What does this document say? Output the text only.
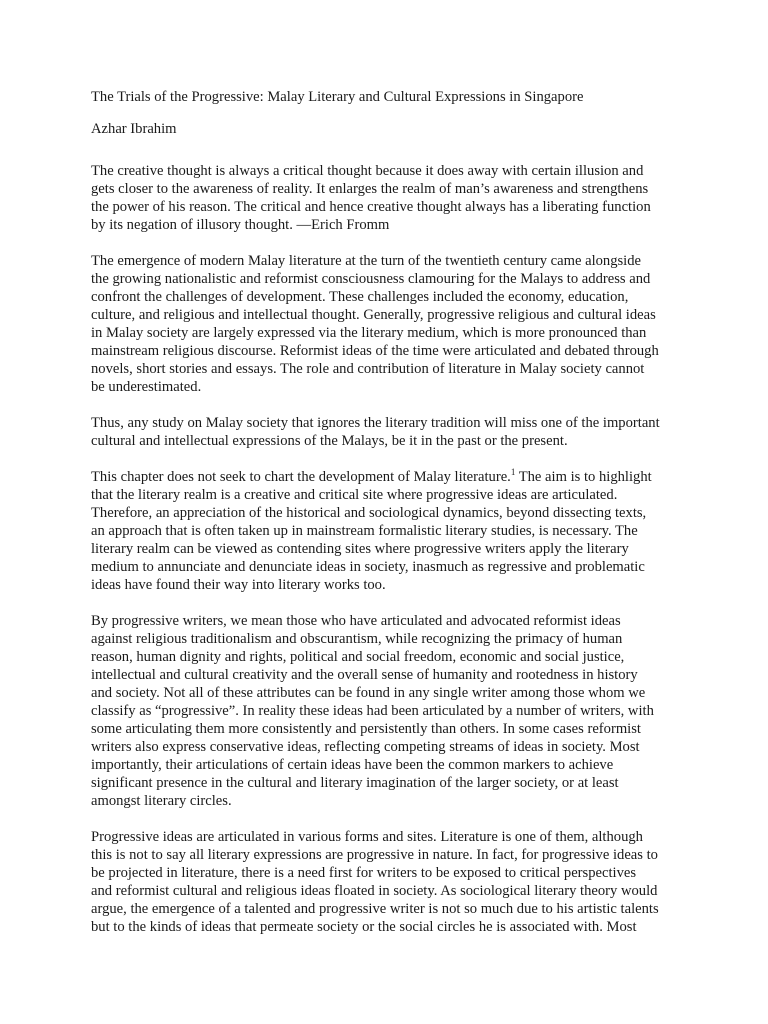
The Trials of the Progressive: Malay Literary and Cultural Expressions in Singapore
Azhar Ibrahim
The creative thought is always a critical thought because it does away with certain illusion and
gets closer to the awareness of reality. It enlarges the realm of man’s awareness and strengthens
the power of his reason. The critical and hence creative thought always has a liberating function
by its negation of illusory thought. —Erich Fromm
The emergence of modern Malay literature at the turn of the twentieth century came alongside
the growing nationalistic and reformist consciousness clamouring for the Malays to address and
confront the challenges of development. These challenges included the economy, education,
culture, and religious and intellectual thought. Generally, progressive religious and cultural ideas
in Malay society are largely expressed via the literary medium, which is more pronounced than
mainstream religious discourse. Reformist ideas of the time were articulated and debated through
novels, short stories and essays. The role and contribution of literature in Malay society cannot
be underestimated.
Thus, any study on Malay society that ignores the literary tradition will miss one of the important
cultural and intellectual expressions of the Malays, be it in the past or the present.
This chapter does not seek to chart the development of Malay literature.$^1$ The aim is to highlight
that the literary realm is a creative and critical site where progressive ideas are articulated.
Therefore, an appreciation of the historical and sociological dynamics, beyond dissecting texts,
an approach that is often taken up in mainstream formalistic literary studies, is necessary. The
literary realm can be viewed as contending sites where progressive writers apply the literary
medium to annunciate and denunciate ideas in society, inasmuch as regressive and problematic
ideas have found their way into literary works too.
By progressive writers, we mean those who have articulated and advocated reformist ideas
against religious traditionalism and obscurantism, while recognizing the primacy of human
reason, human dignity and rights, political and social freedom, economic and social justice,
intellectual and cultural creativity and the overall sense of humanity and rootedness in history
and society. Not all of these attributes can be found in any single writer among those whom we
classify as “progressive”. In reality these ideas had been articulated by a number of writers, with
some articulating them more consistently and persistently than others. In some cases reformist
writers also express conservative ideas, reflecting competing streams of ideas in society. Most
importantly, their articulations of certain ideas have been the common markers to achieve
significant presence in the cultural and literary imagination of the larger society, or at least
amongst literary circles.
Progressive ideas are articulated in various forms and sites. Literature is one of them, although
this is not to say all literary expressions are progressive in nature. In fact, for progressive ideas to
be projected in literature, there is a need first for writers to be exposed to critical perspectives
and reformist cultural and religious ideas floated in society. As sociological literary theory would
argue, the emergence of a talented and progressive writer is not so much due to his artistic talents
but to the kinds of ideas that permeate society or the social circles he is associated with. Most
